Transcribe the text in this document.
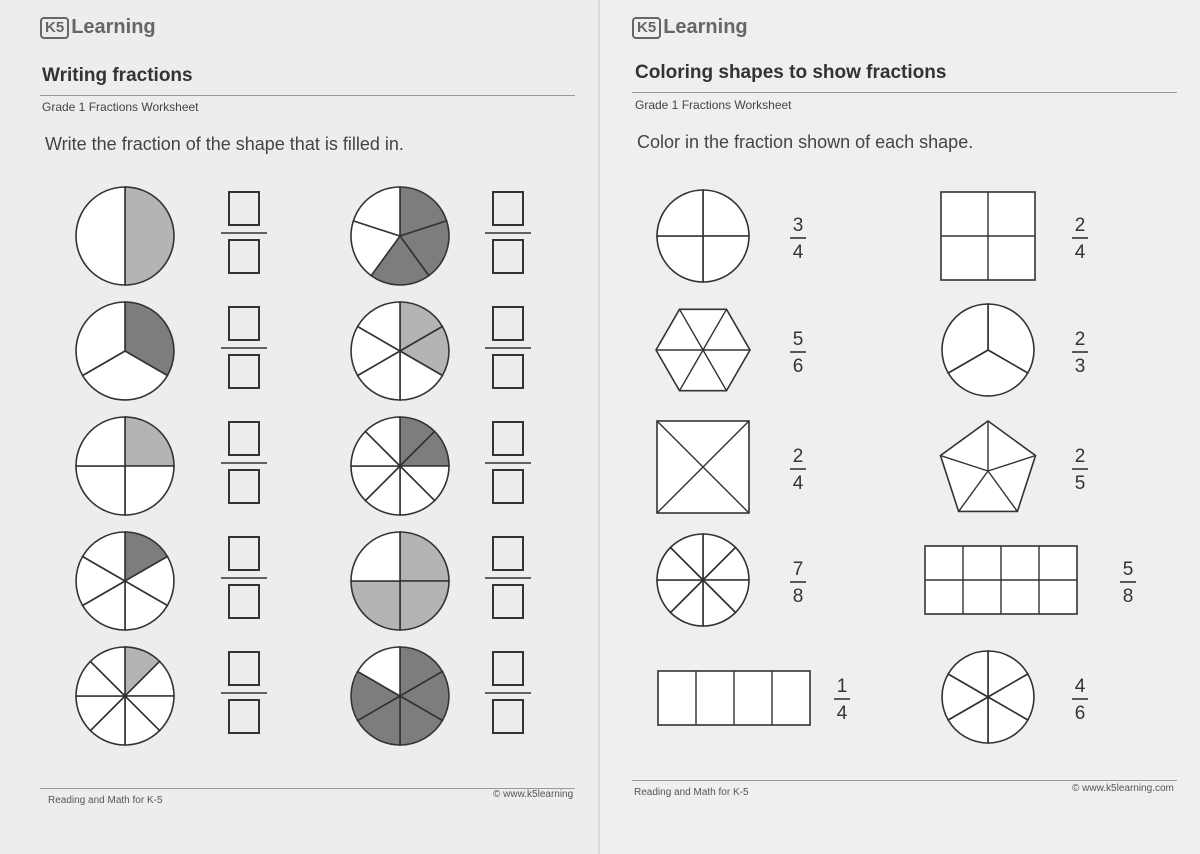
K5 Learning
Writing fractions
Grade 1 Fractions Worksheet
Write the fraction of the shape that is filled in.
Reading and Math for K-5
© www.k5learning
K5 Learning
Coloring shapes to show fractions
Grade 1 Fractions Worksheet
Color in the fraction shown of each shape.
Reading and Math for K-5	© www.k5learning.com
3
4
5
6
2
4
7
8
1
4
2
4
2
3
2
5
5
8
4
6
